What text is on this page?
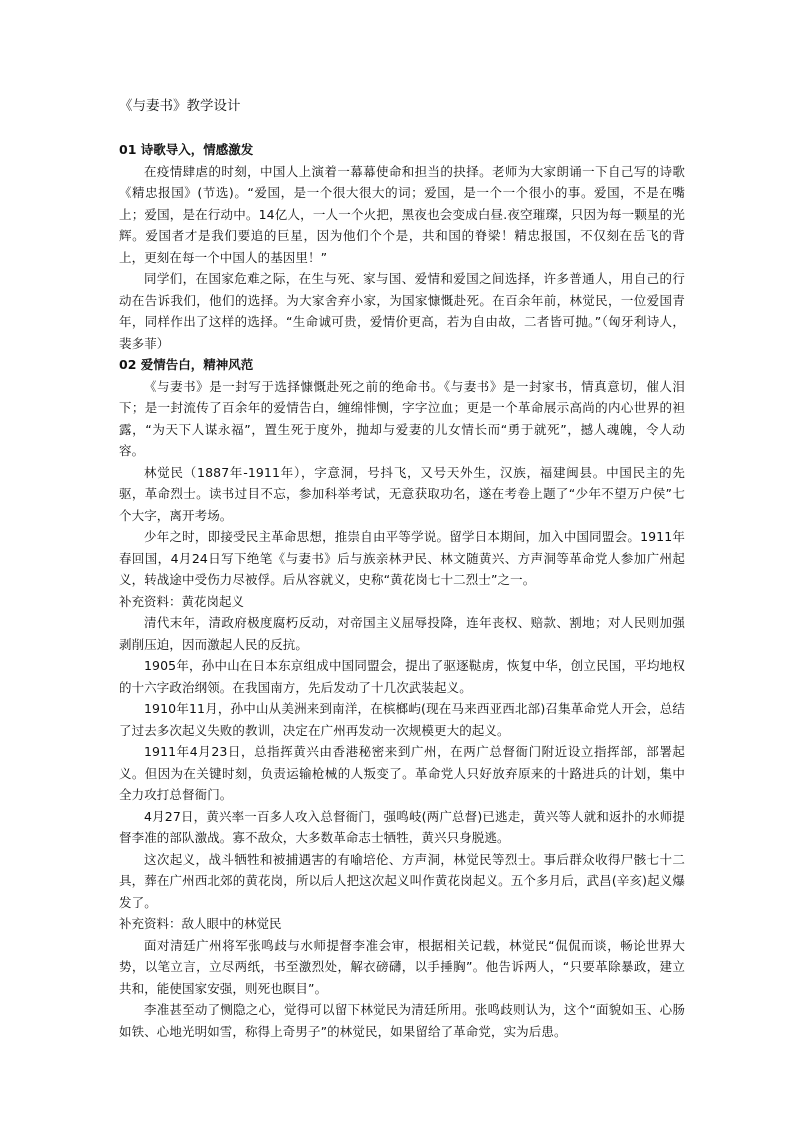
《与妻书》教学设计

01 诗歌导入，情感激发

在疫情肆虐的时刻，中国人上演着一幕幕使命和担当的抉择。老师为大家朗诵一下自己写的诗歌《精忠报国》(节选)。“爱国，是一个很大很大的词；爱国，是一个一个很小的事。爱国，不是在嘴上；爱国，是在行动中。14亿人，一人一个火把，黑夜也会变成白昼.夜空璀璨，只因为每一颗星的光辉。爱国者才是我们要追的巨星，因为他们个个是，共和国的脊梁！精忠报国，不仅刻在岳飞的背上，更刻在每一个中国人的基因里！”

同学们，在国家危难之际，在生与死、家与国、爱情和爱国之间选择，许多普通人，用自己的行动在告诉我们，他们的选择。为大家舍弃小家，为国家慷慨赴死。在百余年前，林觉民，一位爱国青年，同样作出了这样的选择。“生命诚可贵，爱情价更高，若为自由故，二者皆可抛。”（匈牙利诗人，裴多菲）

02 爱情告白，精神风范

《与妻书》是一封写于选择慷慨赴死之前的绝命书。《与妻书》是一封家书，情真意切，催人泪下；是一封流传了百余年的爱情告白，缠绵悱恻，字字泣血；更是一个革命展示高尚的内心世界的袒露，“为天下人谋永福”，置生死于度外，抛却与爱妻的儿女情长而“勇于就死”，撼人魂魄，令人动容。

林觉民（1887年-1911年），字意洞，号抖飞，又号天外生，汉族，福建闽县。中国民主的先驱，革命烈士。读书过目不忘，参加科举考试，无意获取功名，遂在考卷上题了“少年不望万户侯”七个大字，离开考场。

少年之时，即接受民主革命思想，推崇自由平等学说。留学日本期间，加入中国同盟会。1911年春回国，4月24日写下绝笔《与妻书》后与族亲林尹民、林文随黄兴、方声洞等革命党人参加广州起义，转战途中受伤力尽被俘。后从容就义，史称“黄花岗七十二烈士”之一。

补充资料：黄花岗起义

清代末年，清政府极度腐朽反动，对帝国主义屈辱投降，连年丧权、赔款、割地；对人民则加强剥削压迫，因而激起人民的反抗。

1905年，孙中山在日本东京组成中国同盟会，提出了驱逐鞑虏，恢复中华，创立民国，平均地权的十六字政治纲领。在我国南方，先后发动了十几次武装起义。

1910年11月，孙中山从美洲来到南洋，在槟榔屿(现在马来西亚西北部)召集革命党人开会，总结了过去多次起义失败的教训，决定在广州再发动一次规模更大的起义。

1911年4月23日，总指挥黄兴由香港秘密来到广州，在两广总督衙门附近设立指挥部，部署起义。但因为在关键时刻，负责运输枪械的人叛变了。革命党人只好放弃原来的十路进兵的计划，集中全力攻打总督衙门。

4月27日，黄兴率一百多人攻入总督衙门，强鸣岐(两广总督)已逃走，黄兴等人就和返扑的水师提督李准的部队激战。寡不敌众，大多数革命志士牺牲，黄兴只身脱逃。

这次起义，战斗牺牲和被捕遇害的有喻培伦、方声洞，林觉民等烈士。事后群众收得尸骸七十二具，葬在广州西北郊的黄花岗，所以后人把这次起义叫作黄花岗起义。五个多月后，武昌(辛亥)起义爆发了。

补充资料：敌人眼中的林觉民

面对清廷广州将军张鸣歧与水师提督李准会审，根据相关记载，林觉民“侃侃而谈，畅论世界大势，以笔立言，立尽两纸，书至激烈处，解衣磅礴，以手捶胸”。他告诉两人，“只要革除暴政，建立共和，能使国家安强，则死也瞑目”。

李准甚至动了恻隐之心，觉得可以留下林觉民为清廷所用。张鸣歧则认为，这个“面貌如玉、心肠如铁、心地光明如雪，称得上奇男子”的林觉民，如果留给了革命党，实为后患。
